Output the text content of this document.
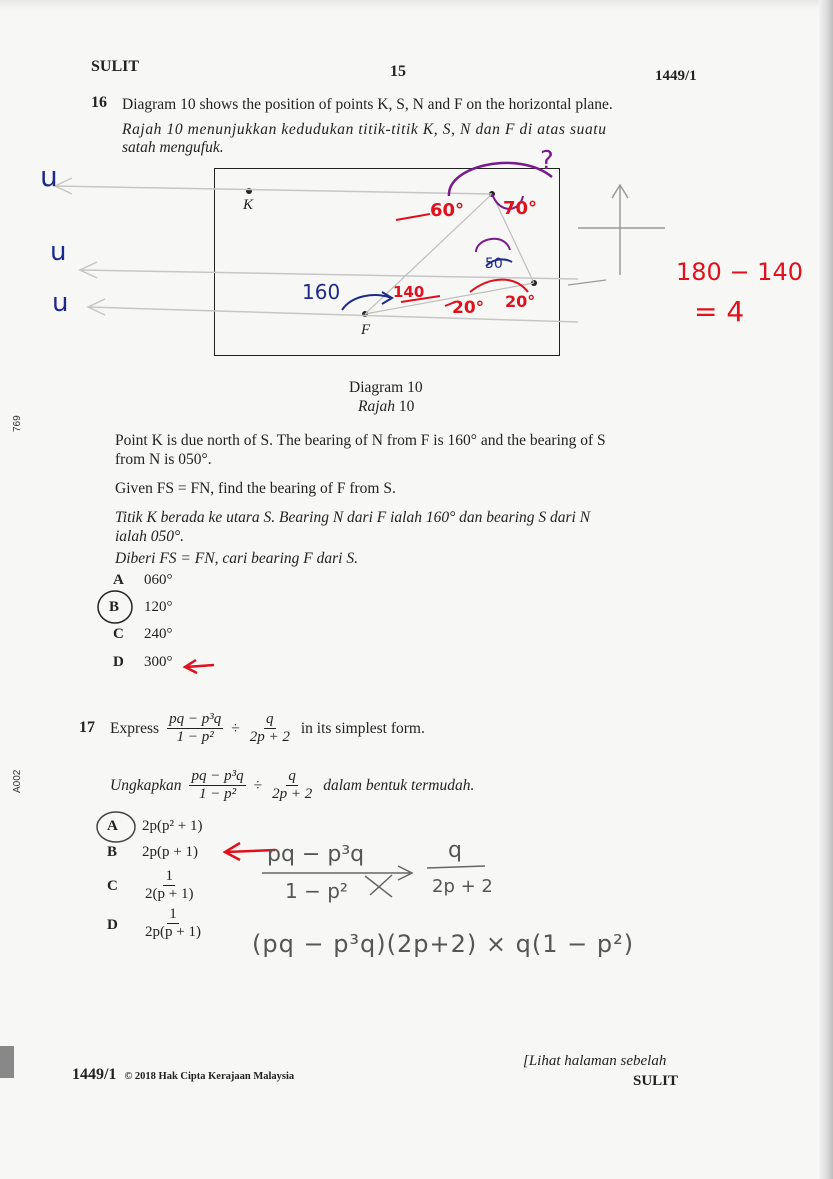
SULIT	15	1449/1
16 Diagram 10 shows the position of points K, S, N and F on the horizontal plane.
Rajah 10 menunjukkan kedudukan titik-titik K, S, N dan F di atas suatu
satah mengufuk.
K
F
Diagram 10
Rajah 10
Point K is due north of S. The bearing of N from F is 160° and the bearing of S
from N is 050°.
Given FS = FN, find the bearing of F from S.
Titik K berada ke utara S. Bearing N dari F ialah 160° dan bearing S dari N
ialah 050°.
Diberi FS = FN, cari bearing F dari S.
A 060°
B 120°
C 240°
D 300°
17 Express $\frac{\text{pq − p³q}}{\text{1 − p²}} \div \frac{q}{2p + 2}$ in its simplest form.
Ungkapkan $\frac{\text{pq − p³q}}{\text{1 − p²}} \div \frac{q}{2p + 2}$ dalam bentuk termudah.
A 2p(p² + 1)
B 2p(p + 1)
C $\frac{1}{2(p + 1)}$
D $\frac{1}{2p(p + 1)}$
u
u
u	160
?
60° 70°
140
20° 20°
50	180 − 140
= 4
pq − p³q
1 − p²
q
2p + 2
(pq − p³q)(2p+2) × q(1 − p²)
769
A002
1449/1 © 2018 Hak Cipta Kerajaan Malaysia
[Lihat halaman sebelah
SULIT
